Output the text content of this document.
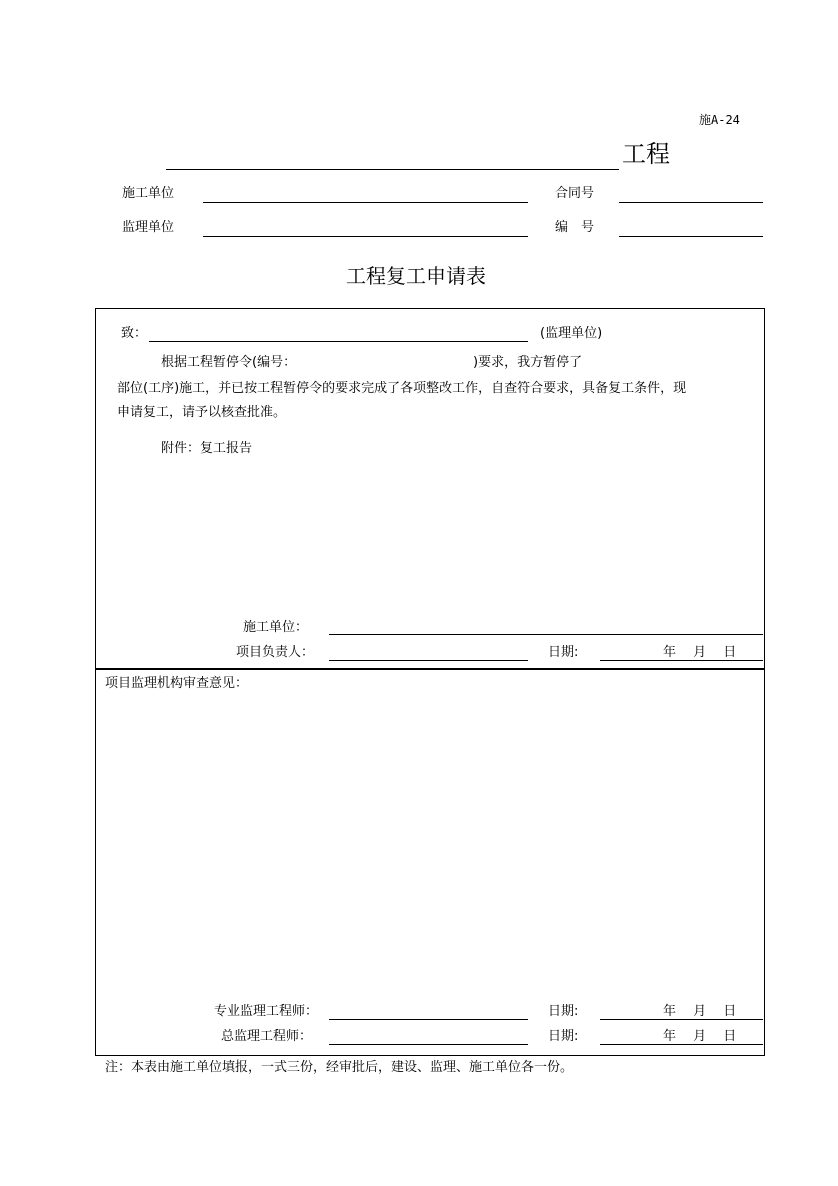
施A-24
工程
施工单位	合同号
监理单位	编　号
工程复工申请表
致：	(监理单位)
根据工程暂停令(编号：	)要求，我方暂停了
部位(工序)施工，并已按工程暂停令的要求完成了各项整改工作，自查符合要求，具备复工条件，现
申请复工，请予以核查批准。
附件：复工报告
施工单位：
项目负责人：	日期:	年　 月　 日
项目监理机构审查意见：
专业监理工程师：	日期:	年　 月　 日
总监理工程师：	日期:	年　 月　 日
注：本表由施工单位填报，一式三份，经审批后，建设、监理、施工单位各一份。
